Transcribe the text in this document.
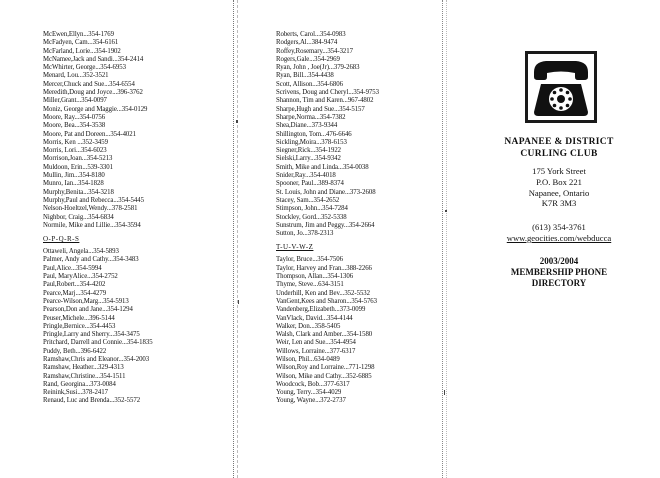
McEwen,Ellyn...354-1769
McFadyen, Cam...354-6161
McFarland, Lorie...354-1902
McNamee,Jack and Sandi...354-2414
McWhirter, George...354-6953
Menard, Lou...352-3521
Mercer,Chuck and Sue...354-6554
Meredith,Doug and Joyce...396-3762
Miller,Grant...354-0097
Moniz, George and Maggie...354-0129
Moore, Ray...354-0756
Moore, Bea...354-3538
Moore, Pat and Doreen...354-4021
Morris, Ken ...352-3459
Morris, Lori...354-6023
Morrison,Joan...354-5213
Muldoon, Erin...539-3301
Mullin, Jim...354-8180
Munro, Ian...354-1828
Murphy,Benita...354-3218
Murphy,Paul and Rebecca...354-5445
Nelson-Hoeltzel,Wendy...378-2581
Nighbor, Craig...354-6834
Normile, Mike and Lillie...354-3594
O-P-Q-R-S
Ottaweli, Angela...354-5893
Palmer, Andy and Cathy...354-3483
Paul,Alice...354-5994
Paul, MaryAlice...354-2752
Paul,Robert...354-4202
Pearce,Marj...354-4279
Pearce-Wilson,Marg...354-5913
Pearson,Don and Jane...354-1294
Peuser,Michele...396-5144
Pringle,Bernice...354-4453
Pringle,Larry and Sherry...354-3475
Pritchard, Darrell and Connie...354-1835
Puddy, Beth...396-6422
Ramshaw,Chris and Eleanor...354-2003
Ramshaw, Heather...329-4313
Ramshaw,Christine...354-1511
Rand, Georgina...373-0084
Reinink,Susi...378-2417
Renaud, Luc and Brenda...352-5572
Roberts, Carol...354-0983
Rodgers,Al...384-9474
Roffey,Rosemary...354-3217
Rogers,Gale...354-2969
Ryan, John , Joe(Jr)...379-2683
Ryan, Bill...354-4438
Scott, Allison...354-6806
Scrivens, Doug and Cheryl...354-9753
Shannon, Tim and Karen...967-4802
Sharpe,Hugh and Sue...354-5157
Sharpe,Norma...354-7382
Shea,Diane...373-9344
Shillington, Tom...476-6646
Sickling,Moira...378-6153
Siegner,Rick...354-1922
Sielski,Larry...354-9342
Smith, Mike and Linda...354-0038
Snider,Ray...354-4018
Spooner, Paul...389-8374
St. Louis, John and Diane...373-2608
Stacey, Sam...354-2652
Stimpson, John...354-7284
Stockley, Gord...352-5338
Sunstrum, Jim and Peggy...354-2664
Sutton, Jo...378-2313
T-U-V-W-Z
Taylor, Bruce...354-7506
Taylor, Harvey and Fran...388-2266
Thompson, Allan...354-1306
Thyme, Steve...634-3151
Underhill, Ken and Bev...352-5532
VanGent,Kees and Sharon...354-5763
Vandenberg,Elizabeth...373-0099
VanVlack, David...354-4144
Walker, Don...358-5405
Walsh, Clark and Amber...354-1580
Weir, Len and Sue...354-4954
Willows, Lorraine...377-6317
Wilson, Phil...634-0489
Wilson,Roy and Lorraine...771-1298
Wilson, Mike and Cathy...352-6885
Woodcock, Bob...377-6317
Young, Terry...354-4029
Young, Wayne...372-2737
NAPANEE & DISTRICT
CURLING CLUB
175 York Street
P.O. Box 221
Napanee, Ontario
K7R 3M3
(613) 354-3761
www.geocities.com/webducca
2003/2004
MEMBERSHIP PHONE
DIRECTORY
